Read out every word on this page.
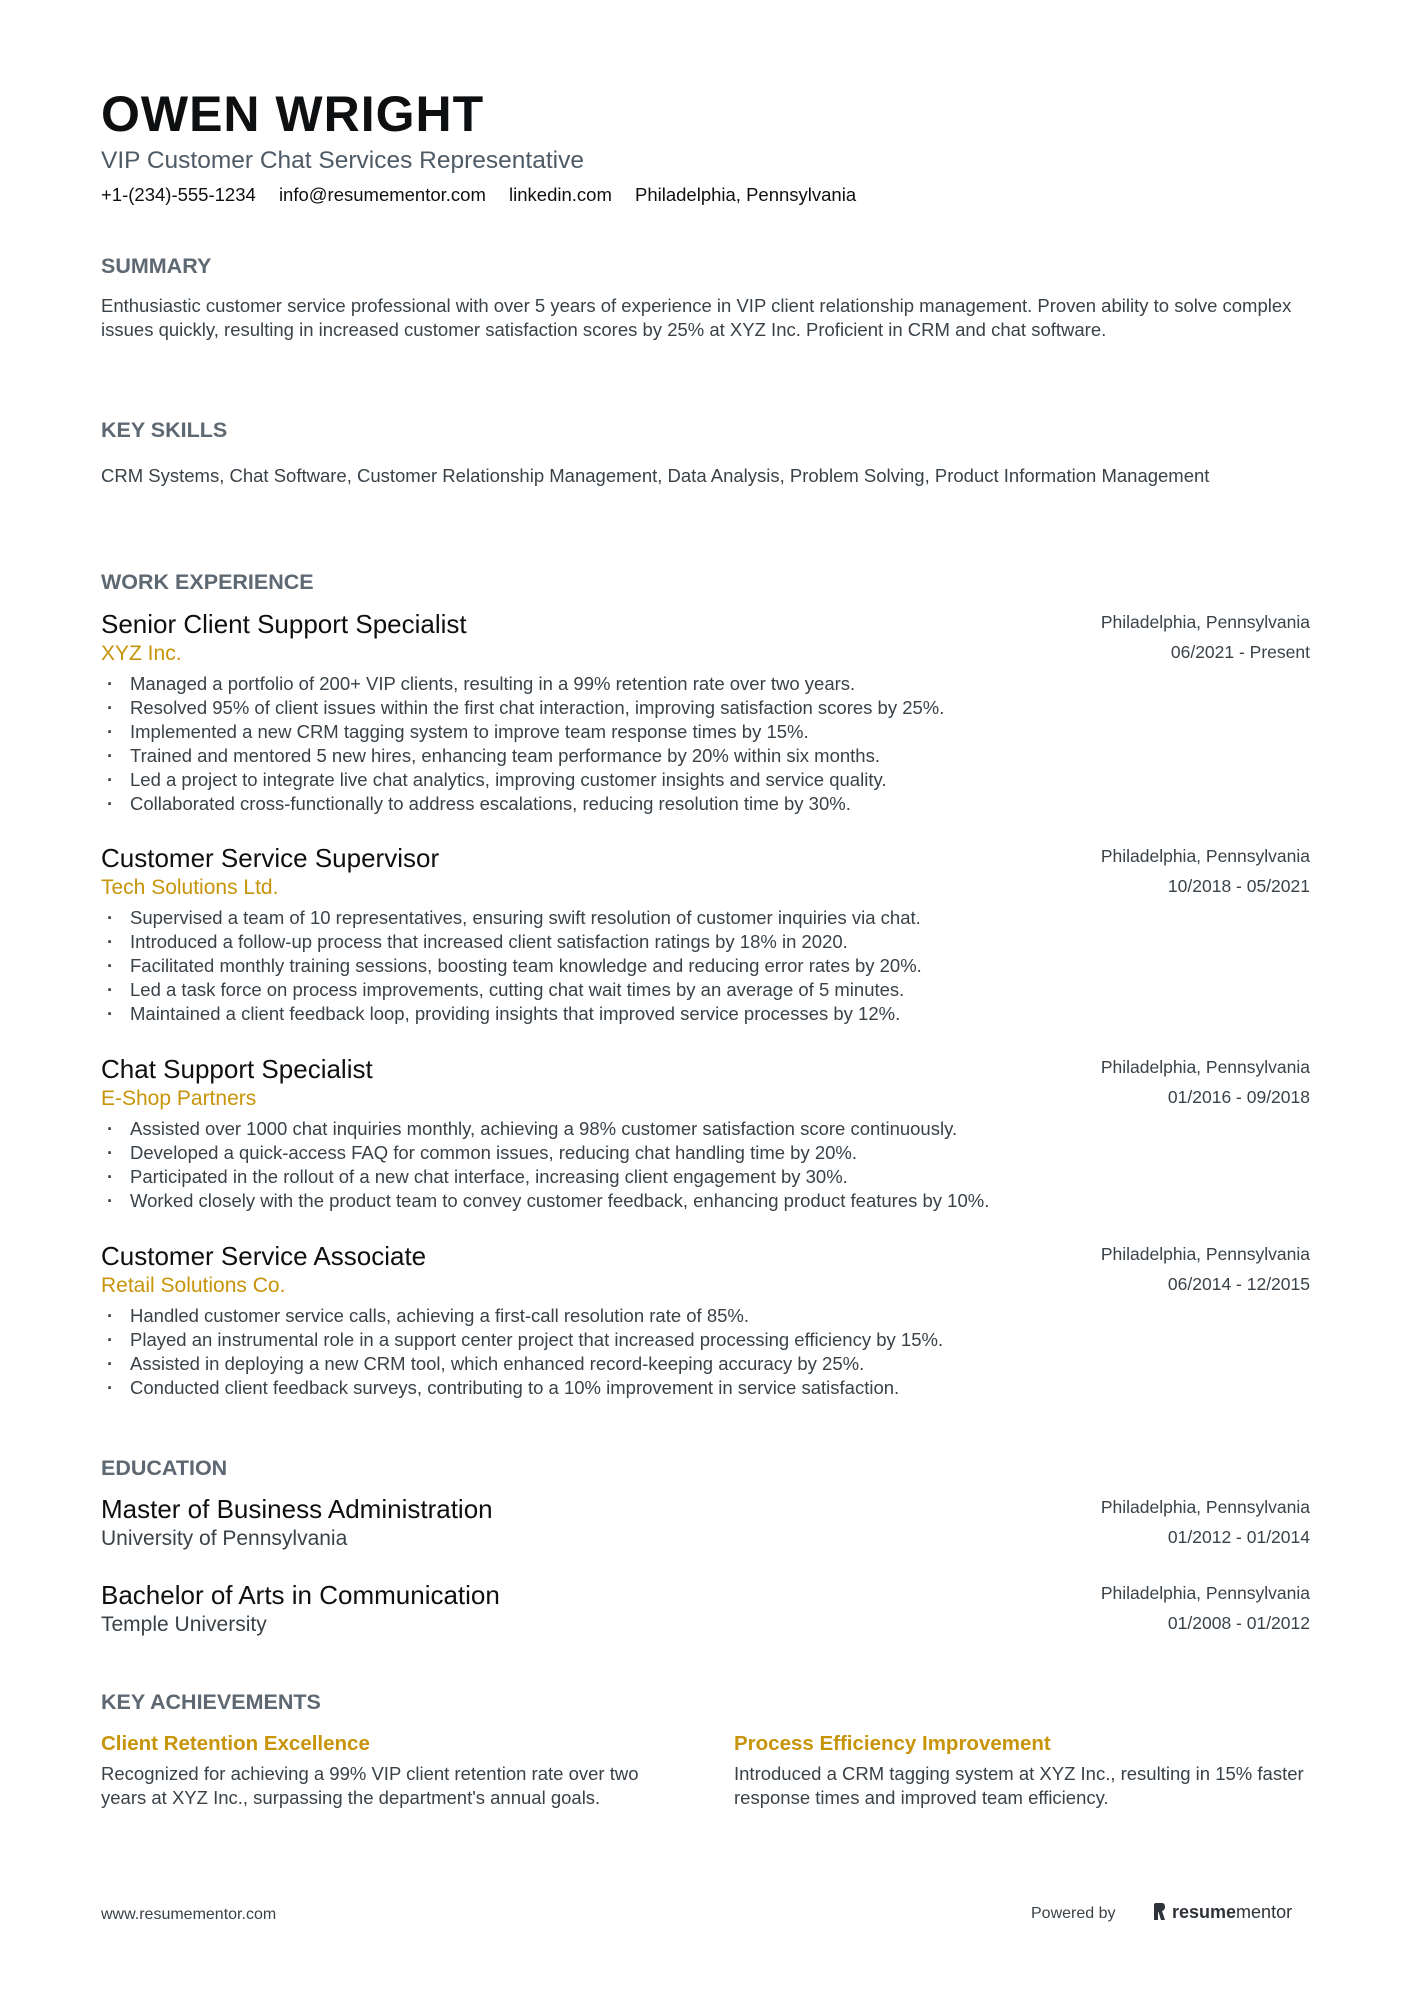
OWEN WRIGHT
VIP Customer Chat Services Representative
+1-(234)-555-1234 info@resumementor.com linkedin.com Philadelphia, Pennsylvania
SUMMARY
Enthusiastic customer service professional with over 5 years of experience in VIP client relationship management. Proven ability to solve complex issues quickly, resulting in increased customer satisfaction scores by 25% at XYZ Inc. Proficient in CRM and chat software.
KEY SKILLS
CRM Systems, Chat Software, Customer Relationship Management, Data Analysis, Problem Solving, Product Information Management
WORK EXPERIENCE
Senior Client Support Specialist
XYZ Inc.
Philadelphia, Pennsylvania
06/2021 - Present
· Managed a portfolio of 200+ VIP clients, resulting in a 99% retention rate over two years.
· Resolved 95% of client issues within the first chat interaction, improving satisfaction scores by 25%.
· Implemented a new CRM tagging system to improve team response times by 15%.
· Trained and mentored 5 new hires, enhancing team performance by 20% within six months.
· Led a project to integrate live chat analytics, improving customer insights and service quality.
· Collaborated cross-functionally to address escalations, reducing resolution time by 30%.
Customer Service Supervisor
Tech Solutions Ltd.
Philadelphia, Pennsylvania
10/2018 - 05/2021
· Supervised a team of 10 representatives, ensuring swift resolution of customer inquiries via chat.
· Introduced a follow-up process that increased client satisfaction ratings by 18% in 2020.
· Facilitated monthly training sessions, boosting team knowledge and reducing error rates by 20%.
· Led a task force on process improvements, cutting chat wait times by an average of 5 minutes.
· Maintained a client feedback loop, providing insights that improved service processes by 12%.
Chat Support Specialist
E-Shop Partners
Philadelphia, Pennsylvania
01/2016 - 09/2018
· Assisted over 1000 chat inquiries monthly, achieving a 98% customer satisfaction score continuously.
· Developed a quick-access FAQ for common issues, reducing chat handling time by 20%.
· Participated in the rollout of a new chat interface, increasing client engagement by 30%.
· Worked closely with the product team to convey customer feedback, enhancing product features by 10%.
Customer Service Associate
Retail Solutions Co.
Philadelphia, Pennsylvania
06/2014 - 12/2015
· Handled customer service calls, achieving a first-call resolution rate of 85%.
· Played an instrumental role in a support center project that increased processing efficiency by 15%.
· Assisted in deploying a new CRM tool, which enhanced record-keeping accuracy by 25%.
· Conducted client feedback surveys, contributing to a 10% improvement in service satisfaction.
EDUCATION
Master of Business Administration
University of Pennsylvania
Philadelphia, Pennsylvania
01/2012 - 01/2014
Bachelor of Arts in Communication
Temple University
Philadelphia, Pennsylvania
01/2008 - 01/2012
KEY ACHIEVEMENTS
Client Retention Excellence
Recognized for achieving a 99% VIP client retention rate over two years at XYZ Inc., surpassing the department's annual goals.
Process Efficiency Improvement
Introduced a CRM tagging system at XYZ Inc., resulting in 15% faster response times and improved team efficiency.
www.resumementor.com	Powered by	resume mentor
